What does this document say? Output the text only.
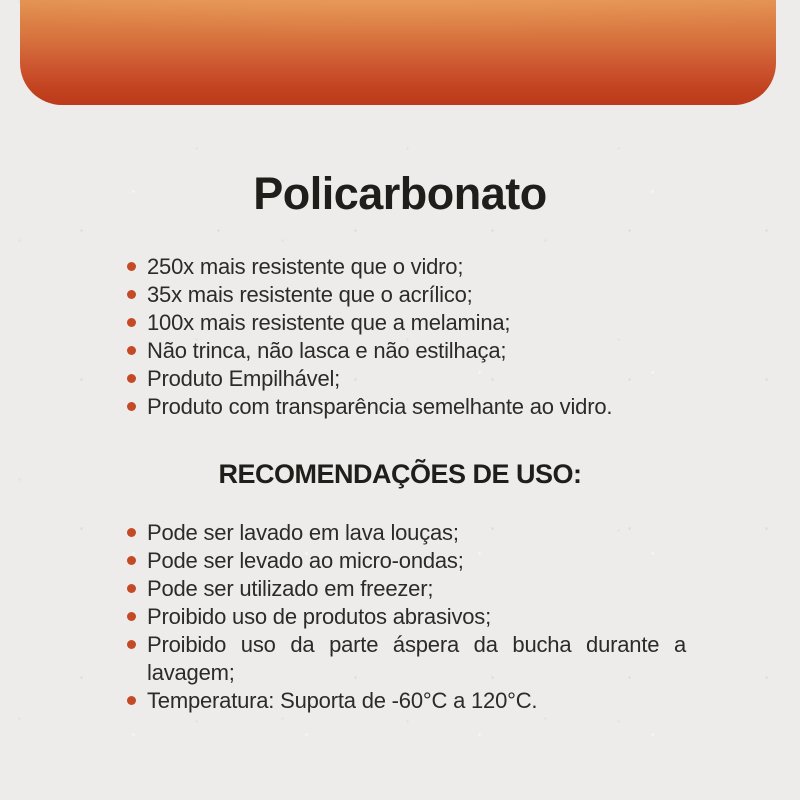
Policarbonato
250x mais resistente que o vidro;
35x mais resistente que o acrílico;
100x mais resistente que a melamina;
Não trinca, não lasca e não estilhaça;
Produto Empilhável;
Produto com transparência semelhante ao vidro.
RECOMENDAÇÕES DE USO:
Pode ser lavado em lava louças;
Pode ser levado ao micro-ondas;
Pode ser utilizado em freezer;
Proibido uso de produtos abrasivos;
Proibido uso da parte áspera da bucha durante a lavagem;
Temperatura: Suporta de -60°C a 120°C.
